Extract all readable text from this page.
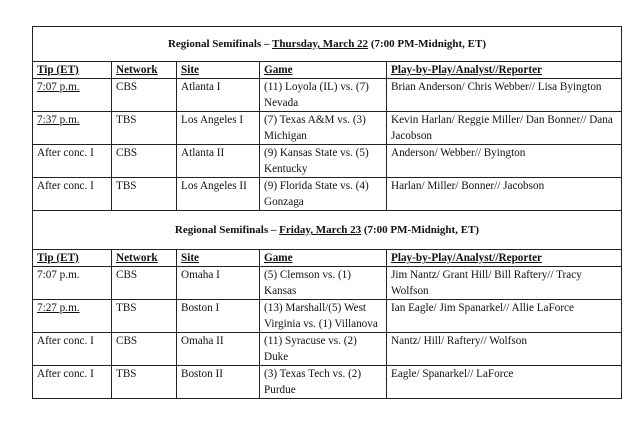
Regional Semifinals – Thursday, March 22 (7:00 PM-Midnight, ET)				
Tip (ET)	Network	Site	Game	Play-by-Play/Analyst//Reporter
7:07 p.m.	CBS	Atlanta I	(11) Loyola (IL) vs. (7) Nevada	Brian Anderson/ Chris Webber// Lisa Byington
7:37 p.m.	TBS	Los Angeles I	(7) Texas A&M vs. (3) Michigan	Kevin Harlan/ Reggie Miller/ Dan Bonner// Dana Jacobson
After conc. I	CBS	Atlanta II	(9) Kansas State vs. (5) Kentucky	Anderson/ Webber// Byington
After conc. I	TBS	Los Angeles II	(9) Florida State vs. (4) Gonzaga	Harlan/ Miller/ Bonner// Jacobson
Regional Semifinals – Friday, March 23 (7:00 PM-Midnight, ET)				
Tip (ET)	Network	Site	Game	Play-by-Play/Analyst//Reporter
7:07 p.m.	CBS	Omaha I	(5) Clemson vs. (1) Kansas	Jim Nantz/ Grant Hill/ Bill Raftery// Tracy Wolfson
7:27 p.m.	TBS	Boston I	(13) Marshall/(5) West Virginia vs. (1) Villanova	Ian Eagle/ Jim Spanarkel// Allie LaForce
After conc. I	CBS	Omaha II	(11) Syracuse vs. (2) Duke	Nantz/ Hill/ Raftery// Wolfson
After conc. I	TBS	Boston II	(3) Texas Tech vs. (2) Purdue	Eagle/ Spanarkel// LaForce
